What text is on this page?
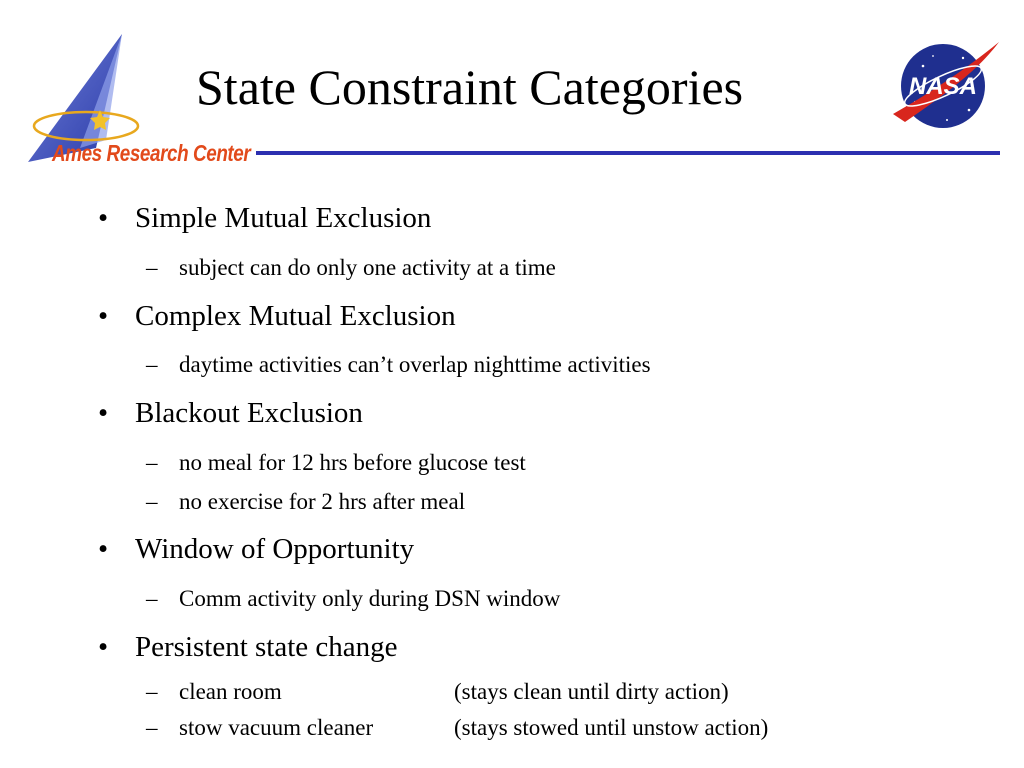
Ames Research Center
State Constraint Categories	NASA
• Simple Mutual Exclusion
– subject can do only one activity at a time
• Complex Mutual Exclusion
– daytime activities can’t overlap nighttime activities
• Blackout Exclusion
– no meal for 12 hrs before glucose test
– no exercise for 2 hrs after meal
• Window of Opportunity
– Comm activity only during DSN window
• Persistent state change
– clean room	(stays clean until dirty action)
– stow vacuum cleaner	(stays stowed until unstow action)
